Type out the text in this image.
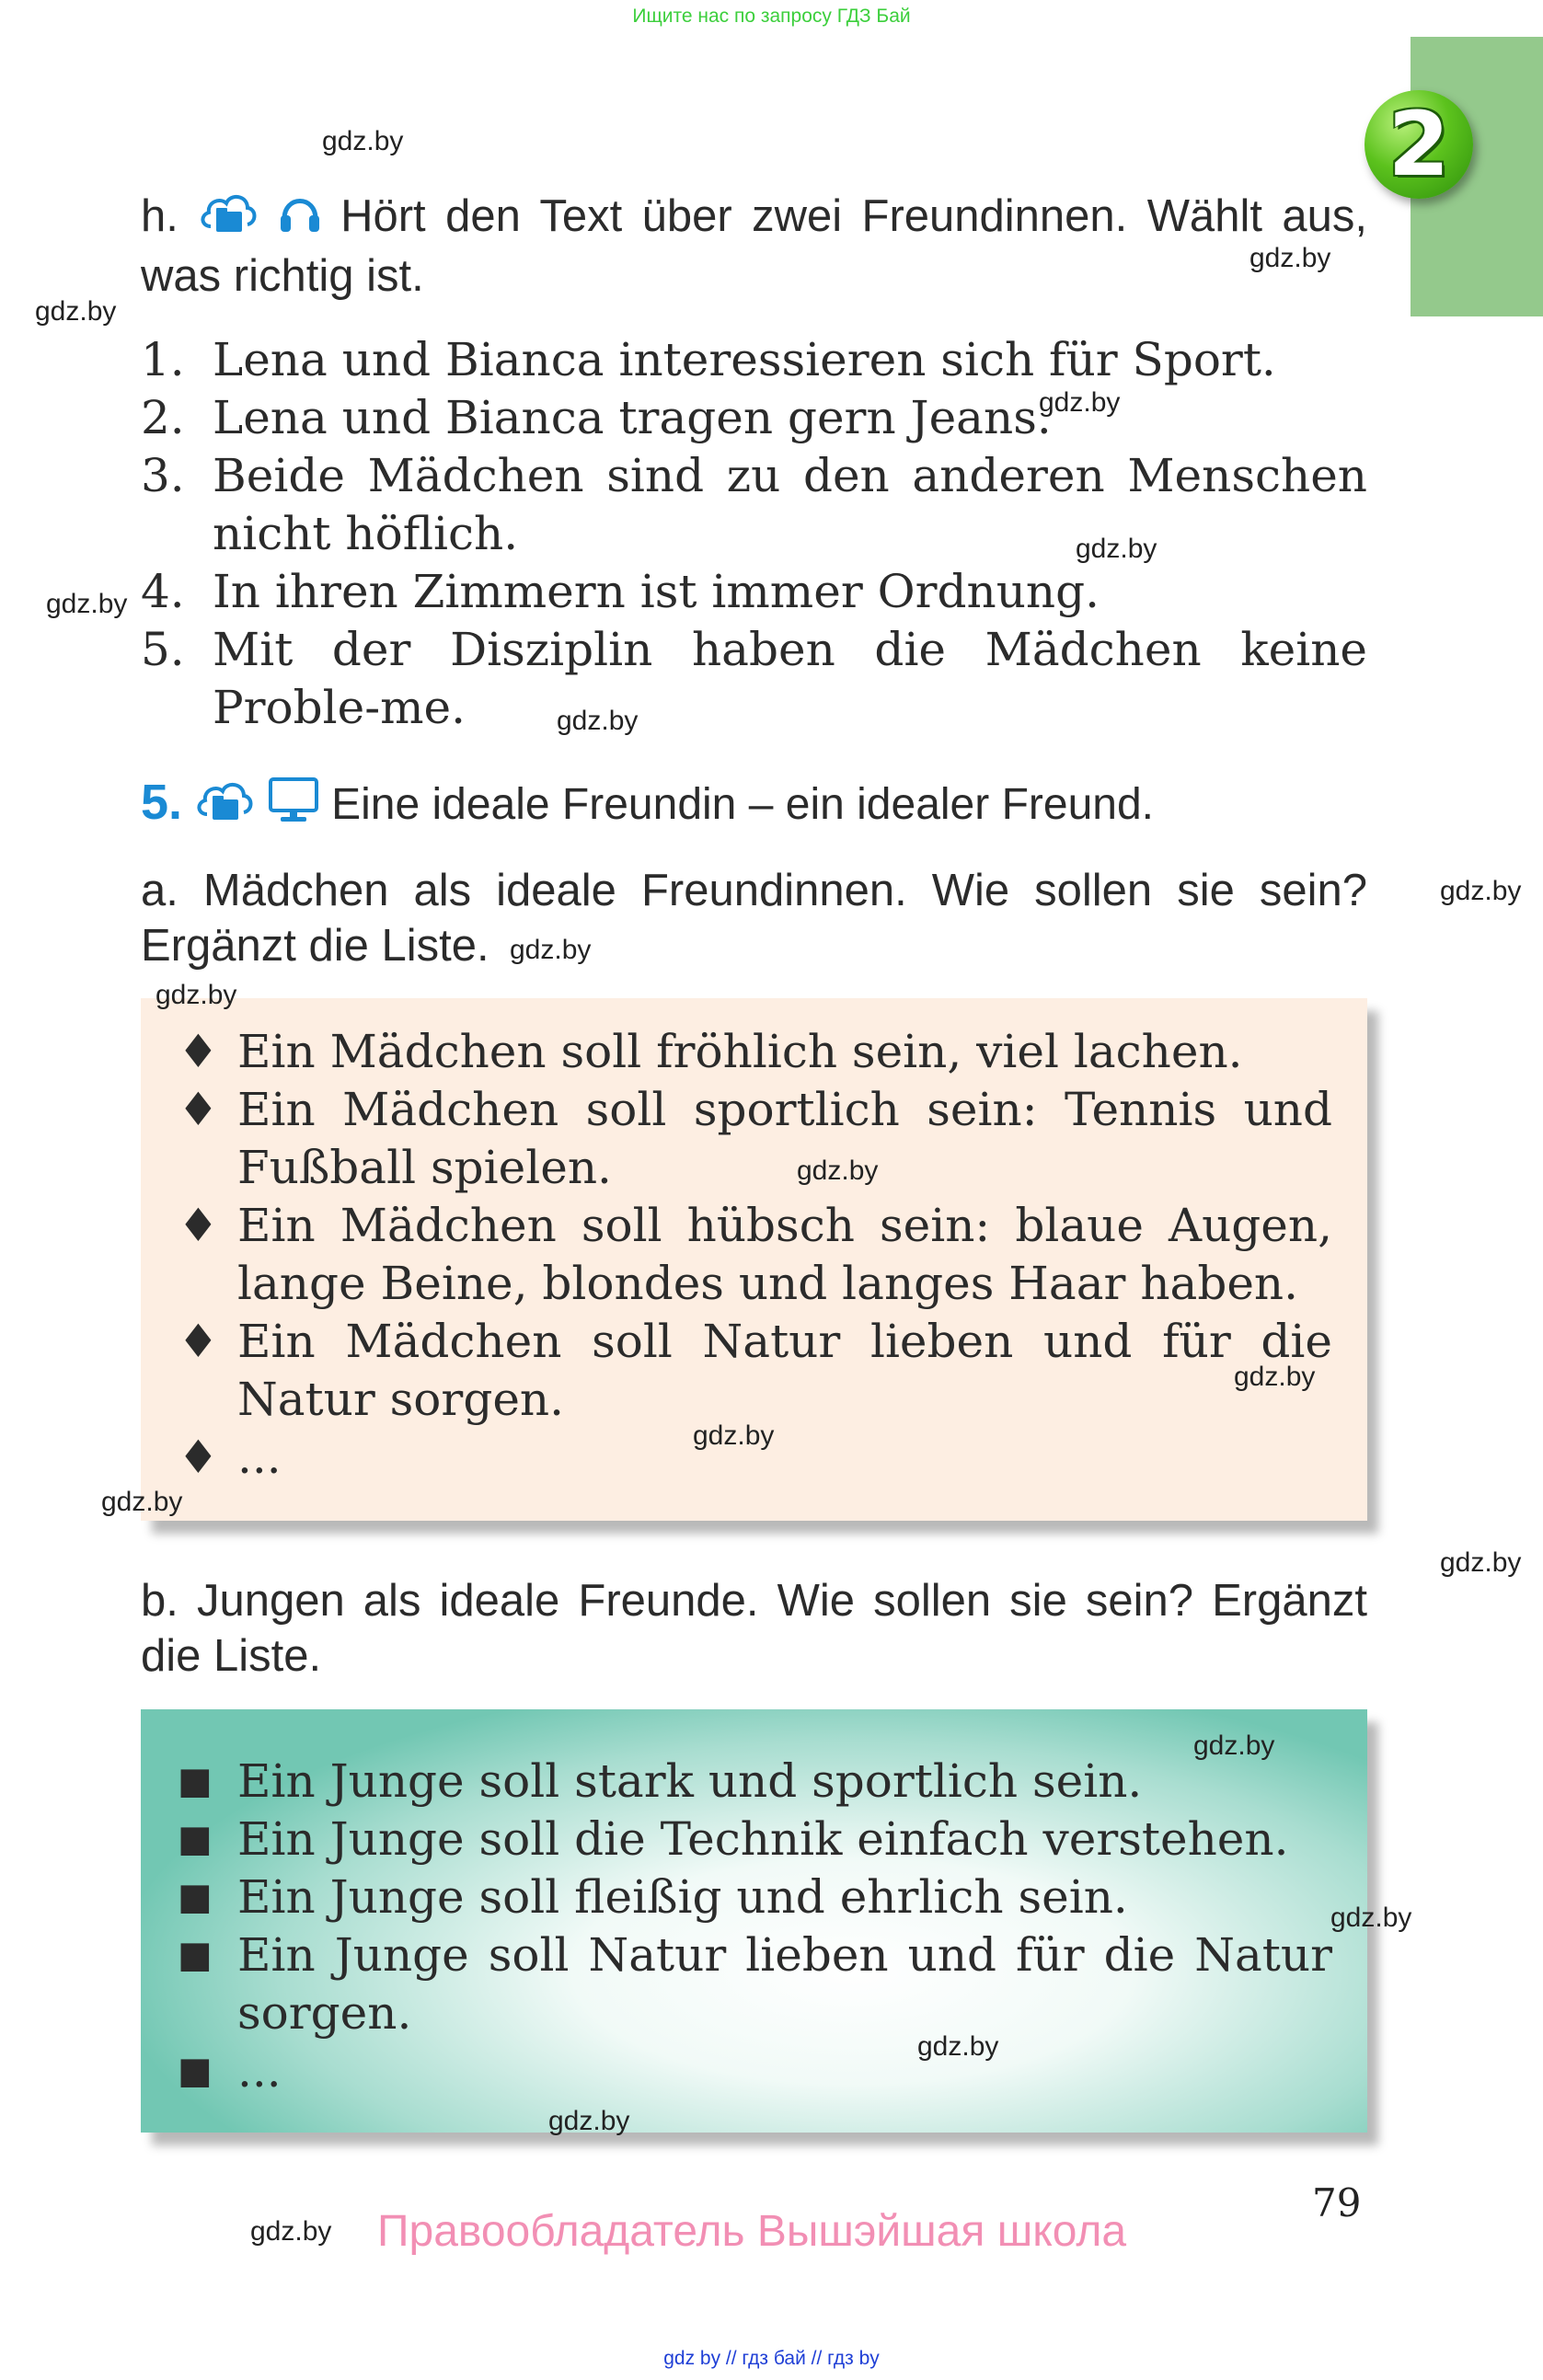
Ищите нас по запросу ГДЗ Бай
2
h.	Hört den Text über zwei Freundinnen. Wählt aus, was richtig ist.
1. Lena und Bianca interessieren sich für Sport.
2. Lena und Bianca tragen gern Jeans.
3. Beide Mädchen sind zu den anderen Menschen nicht höflich.
4. In ihren Zimmern ist immer Ordnung.
5. Mit der Disziplin haben die Mädchen keine Proble-me.
5.	Eine ideale Freundin – ein idealer Freund.
a. Mädchen als ideale Freundinnen. Wie sollen sie sein? Ergänzt die Liste.
♦ Ein Mädchen soll fröhlich sein, viel lachen.
♦ Ein Mädchen soll sportlich sein: Tennis und Fußball spielen.
♦ Ein Mädchen soll hübsch sein: blaue Augen, lange Beine, blondes und langes Haar haben.
♦ Ein Mädchen soll Natur lieben und für die Natur sorgen.
♦ ...
b. Jungen als ideale Freunde. Wie sollen sie sein? Ergänzt die Liste.
■ Ein Junge soll stark und sportlich sein.
■ Ein Junge soll die Technik einfach verstehen.
■ Ein Junge soll fleißig und ehrlich sein.
■ Ein Junge soll Natur lieben und für die Natur sorgen.
■ ...
gdz.by
gdz.by
gdz.by
gdz.by
gdz.by
gdz.by
gdz.by
gdz.by
gdz.by
gdz.by
gdz.by
gdz.by
gdz.by
gdz.by
gdz.by
gdz.by
gdz.by
gdz.by
gdz.by
gdz.by
79
Правообладатель Вышэйшая школа
gdz by // гдз бай // гдз by
